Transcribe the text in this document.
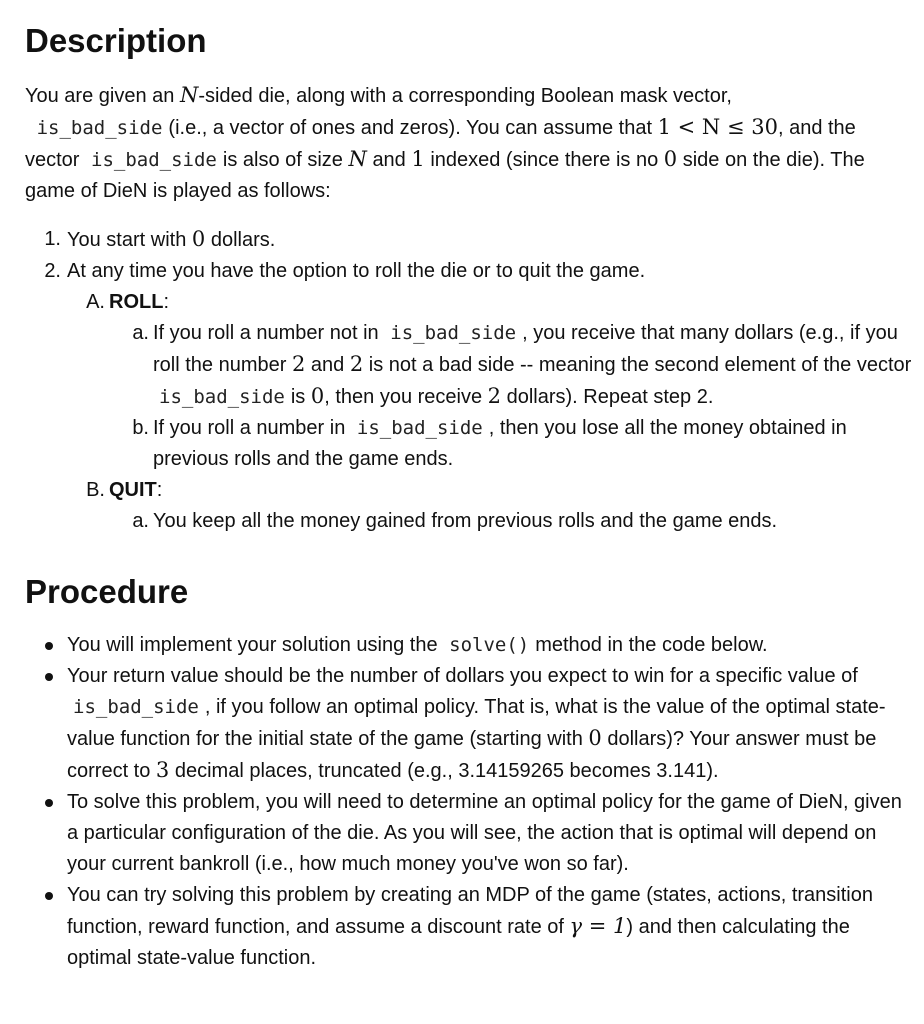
Description

You are given an N-sided die, along with a corresponding Boolean mask vector,
is_bad_side (i.e., a vector of ones and zeros). You can assume that 1 < N ≤ 30, and the vector is_bad_side is also of size N and 1 indexed (since there is no 0 side on the die). The game of DieN is played as follows:

1. You start with 0 dollars.
2. At any time you have the option to roll the die or to quit the game.
A. ROLL:
a. If you roll a number not in is_bad_side , you receive that many dollars (e.g., if you roll the number 2 and 2 is not a bad side -- meaning the second element of the vector is_bad_side is 0, then you receive 2 dollars). Repeat step 2.
b. If you roll a number in is_bad_side , then you lose all the money obtained in previous rolls and the game ends.
B. QUIT:
a. You keep all the money gained from previous rolls and the game ends.
Procedure
You will implement your solution using the solve() method in the code below.
Your return value should be the number of dollars you expect to win for a specific value of is_bad_side , if you follow an optimal policy. That is, what is the value of the optimal state-value function for the initial state of the game (starting with 0 dollars)? Your answer must be correct to 3 decimal places, truncated (e.g., 3.14159265 becomes 3.141).
To solve this problem, you will need to determine an optimal policy for the game of DieN, given a particular configuration of the die. As you will see, the action that is optimal will depend on your current bankroll (i.e., how much money you've won so far).
You can try solving this problem by creating an MDP of the game (states, actions, transition function, reward function, and assume a discount rate of γ = 1) and then calculating the optimal state-value function.
